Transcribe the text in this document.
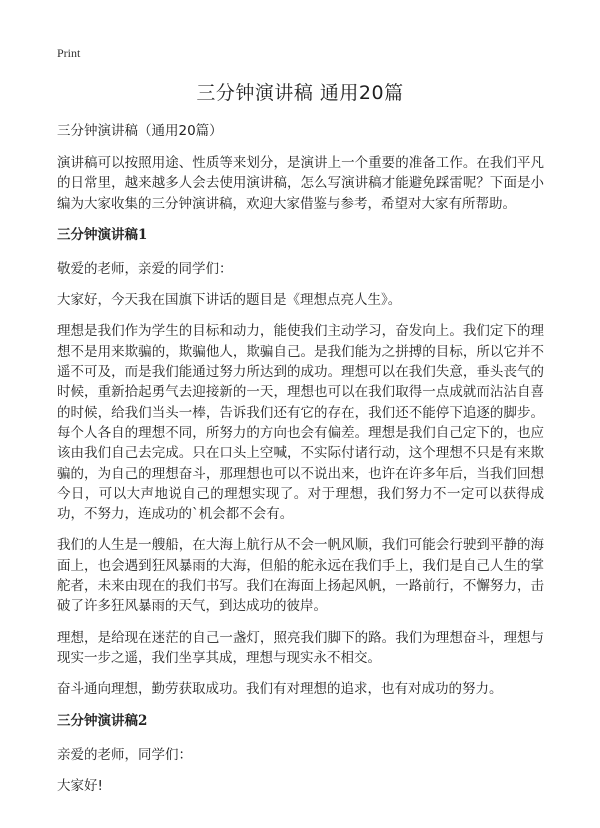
Print
三分钟演讲稿 通用20篇

三分钟演讲稿（通用20篇）

演讲稿可以按照用途、性质等来划分，是演讲上一个重要的准备工作。在我们平凡的日常里，越来越多人会去使用演讲稿，怎么写演讲稿才能避免踩雷呢？下面是小编为大家收集的三分钟演讲稿，欢迎大家借鉴与参考，希望对大家有所帮助。

三分钟演讲稿1

敬爱的老师，亲爱的同学们：

大家好，今天我在国旗下讲话的题目是《理想点亮人生》。

理想是我们作为学生的目标和动力，能使我们主动学习，奋发向上。我们定下的理想不是用来欺骗的，欺骗他人，欺骗自己。是我们能为之拼搏的目标，所以它并不遥不可及，而是我们能通过努力所达到的成功。理想可以在我们失意，垂头丧气的时候，重新拾起勇气去迎接新的一天，理想也可以在我们取得一点成就而沾沾自喜的时候，给我们当头一棒，告诉我们还有它的存在，我们还不能停下追逐的脚步。每个人各自的理想不同，所努力的方向也会有偏差。理想是我们自己定下的，也应该由我们自己去完成。只在口头上空喊，不实际付诸行动，这个理想不只是有来欺骗的，为自己的理想奋斗，那理想也可以不说出来，也许在许多年后，当我们回想今日，可以大声地说自己的理想实现了。对于理想，我们努力不一定可以获得成功，不努力，连成功的`机会都不会有。

我们的人生是一艘船，在大海上航行从不会一帆风顺，我们可能会行驶到平静的海面上，也会遇到狂风暴雨的大海，但船的舵永远在我们手上，我们是自己人生的掌舵者，未来由现在的我们书写。我们在海面上扬起风帆，一路前行，不懈努力，击破了许多狂风暴雨的天气，到达成功的彼岸。

理想，是给现在迷茫的自己一盏灯，照亮我们脚下的路。我们为理想奋斗，理想与现实一步之遥，我们坐享其成，理想与现实永不相交。

奋斗通向理想，勤劳获取成功。我们有对理想的追求，也有对成功的努力。

三分钟演讲稿2

亲爱的老师，同学们：

大家好!
